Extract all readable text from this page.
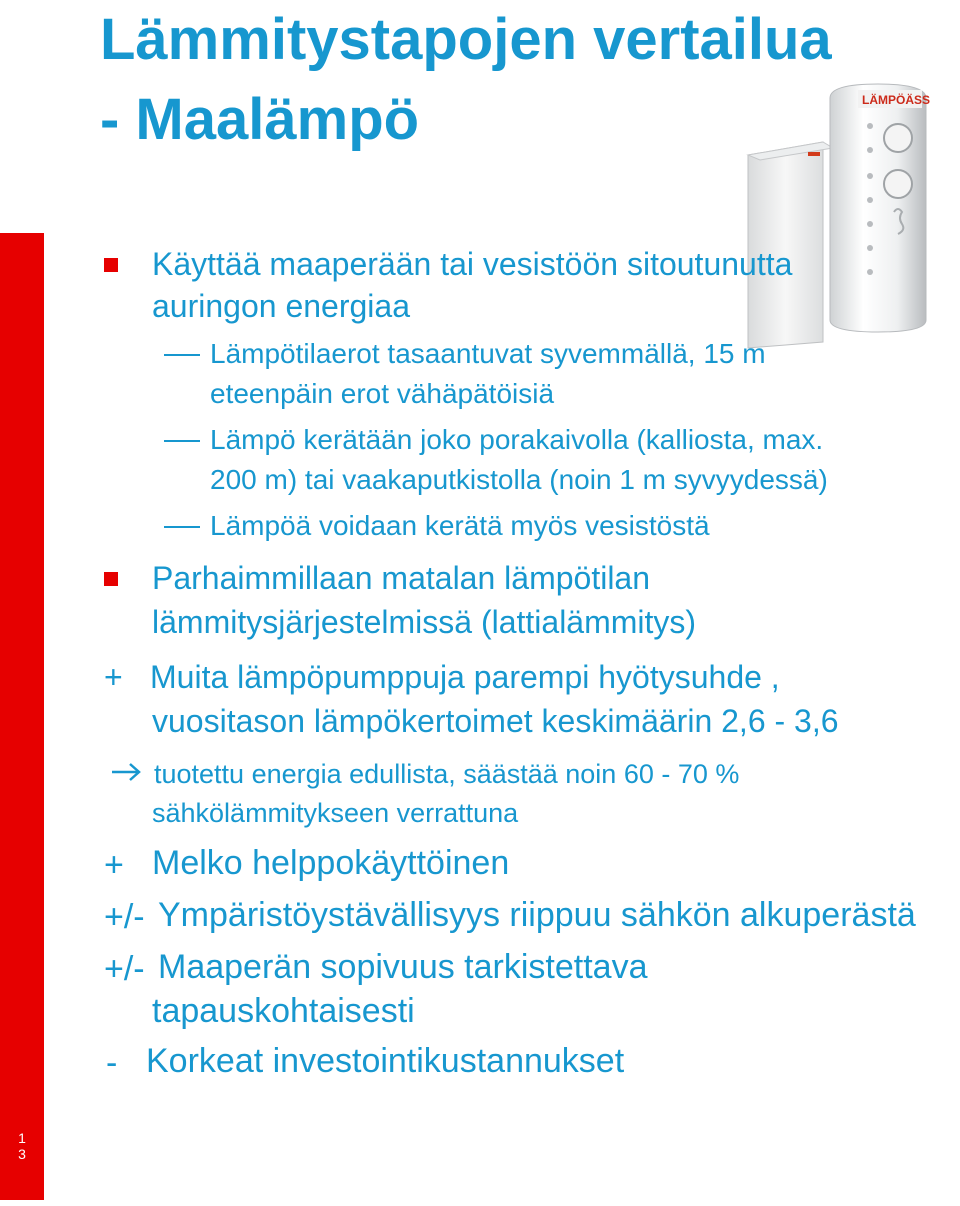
1
3
Lämmitystapojen vertailua
- Maalämpö	LÄMPÖÄSS
Käyttää maaperään tai vesistöön sitoutunutta
auringon energiaa
Lämpötilaerot tasaantuvat syvemmällä, 15 m
eteenpäin erot vähäpätöisiä
Lämpö kerätään joko porakaivolla (kalliosta, max.
200 m) tai vaakaputkistolla (noin 1 m syvyydessä)
Lämpöä voidaan kerätä myös vesistöstä
Parhaimmillaan matalan lämpötilan
lämmitysjärjestelmissä (lattialämmitys)
+ Muita lämpöpumppuja parempi hyötysuhde ,
vuositason lämpökertoimet keskimäärin 2,6 - 3,6
tuotettu energia edullista, säästää noin 60 - 70 %
sähkölämmitykseen verrattuna
+ Melko helppokäyttöinen
+/- Ympäristöystävällisyys riippuu sähkön alkuperästä
+/- Maaperän sopivuus tarkistettava
tapauskohtaisesti
- Korkeat investointikustannukset
